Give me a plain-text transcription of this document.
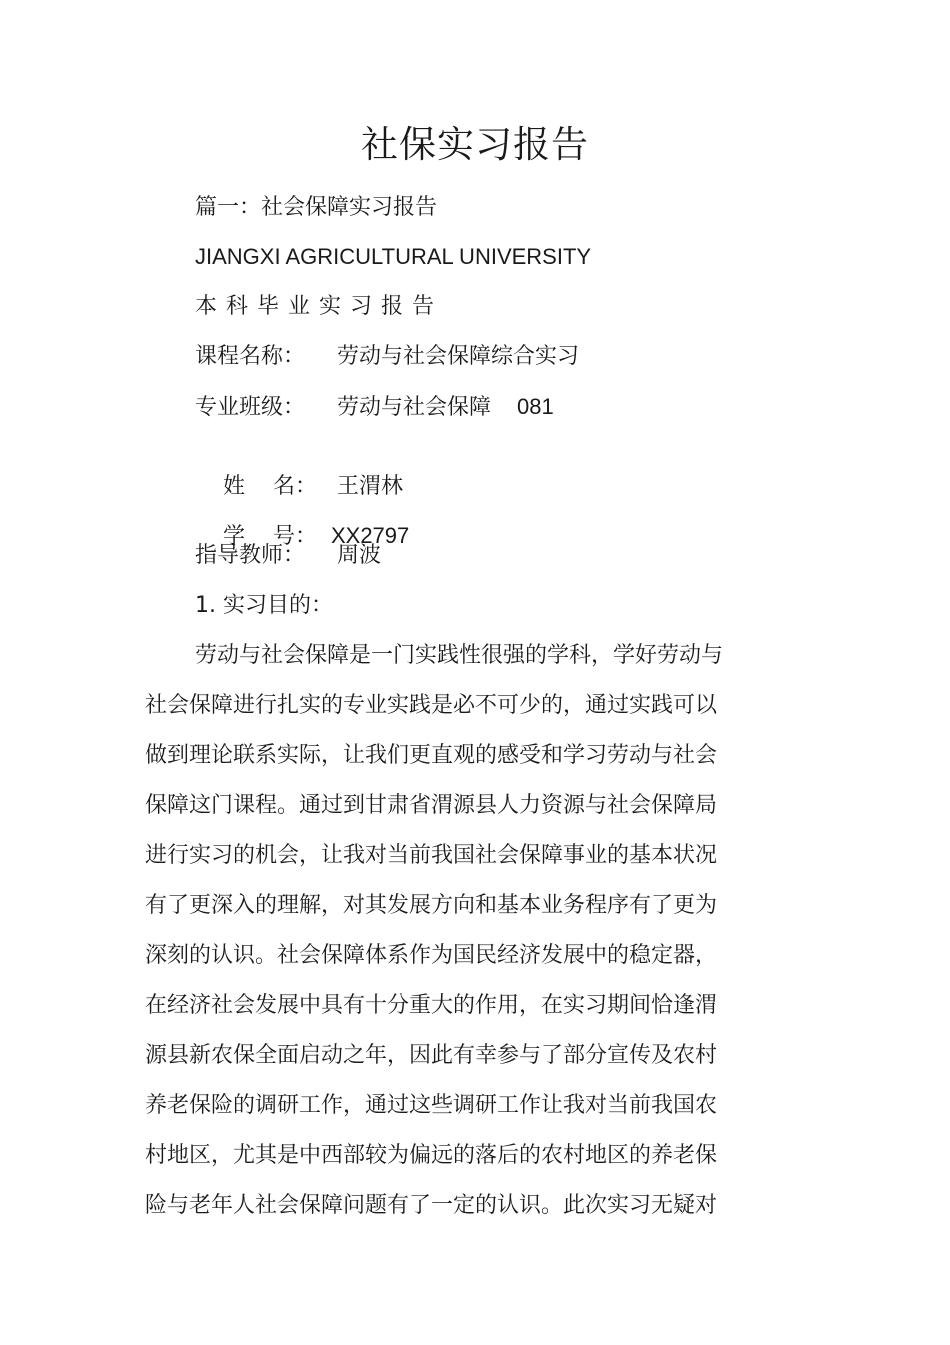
社保实习报告
篇一：社会保障实习报告
JIANGXI AGRICULTURAL UNIVERSITY
本 科 毕 业 实 习 报 告
课程名称： 劳动与社会保障综合实习
专业班级： 劳动与社会保障 081

姓    名： 王渭林

学    号： XX2797

指导教师： 周波
1. 实习目的：
劳动与社会保障是一门实践性很强的学科，学好劳动与
社会保障进行扎实的专业实践是必不可少的，通过实践可以
做到理论联系实际，让我们更直观的感受和学习劳动与社会
保障这门课程。通过到甘肃省渭源县人力资源与社会保障局
进行实习的机会，让我对当前我国社会保障事业的基本状况
有了更深入的理解，对其发展方向和基本业务程序有了更为
深刻的认识。社会保障体系作为国民经济发展中的稳定器，
在经济社会发展中具有十分重大的作用，在实习期间恰逢渭
源县新农保全面启动之年，因此有幸参与了部分宣传及农村
养老保险的调研工作，通过这些调研工作让我对当前我国农
村地区，尤其是中西部较为偏远的落后的农村地区的养老保
险与老年人社会保障问题有了一定的认识。此次实习无疑对
